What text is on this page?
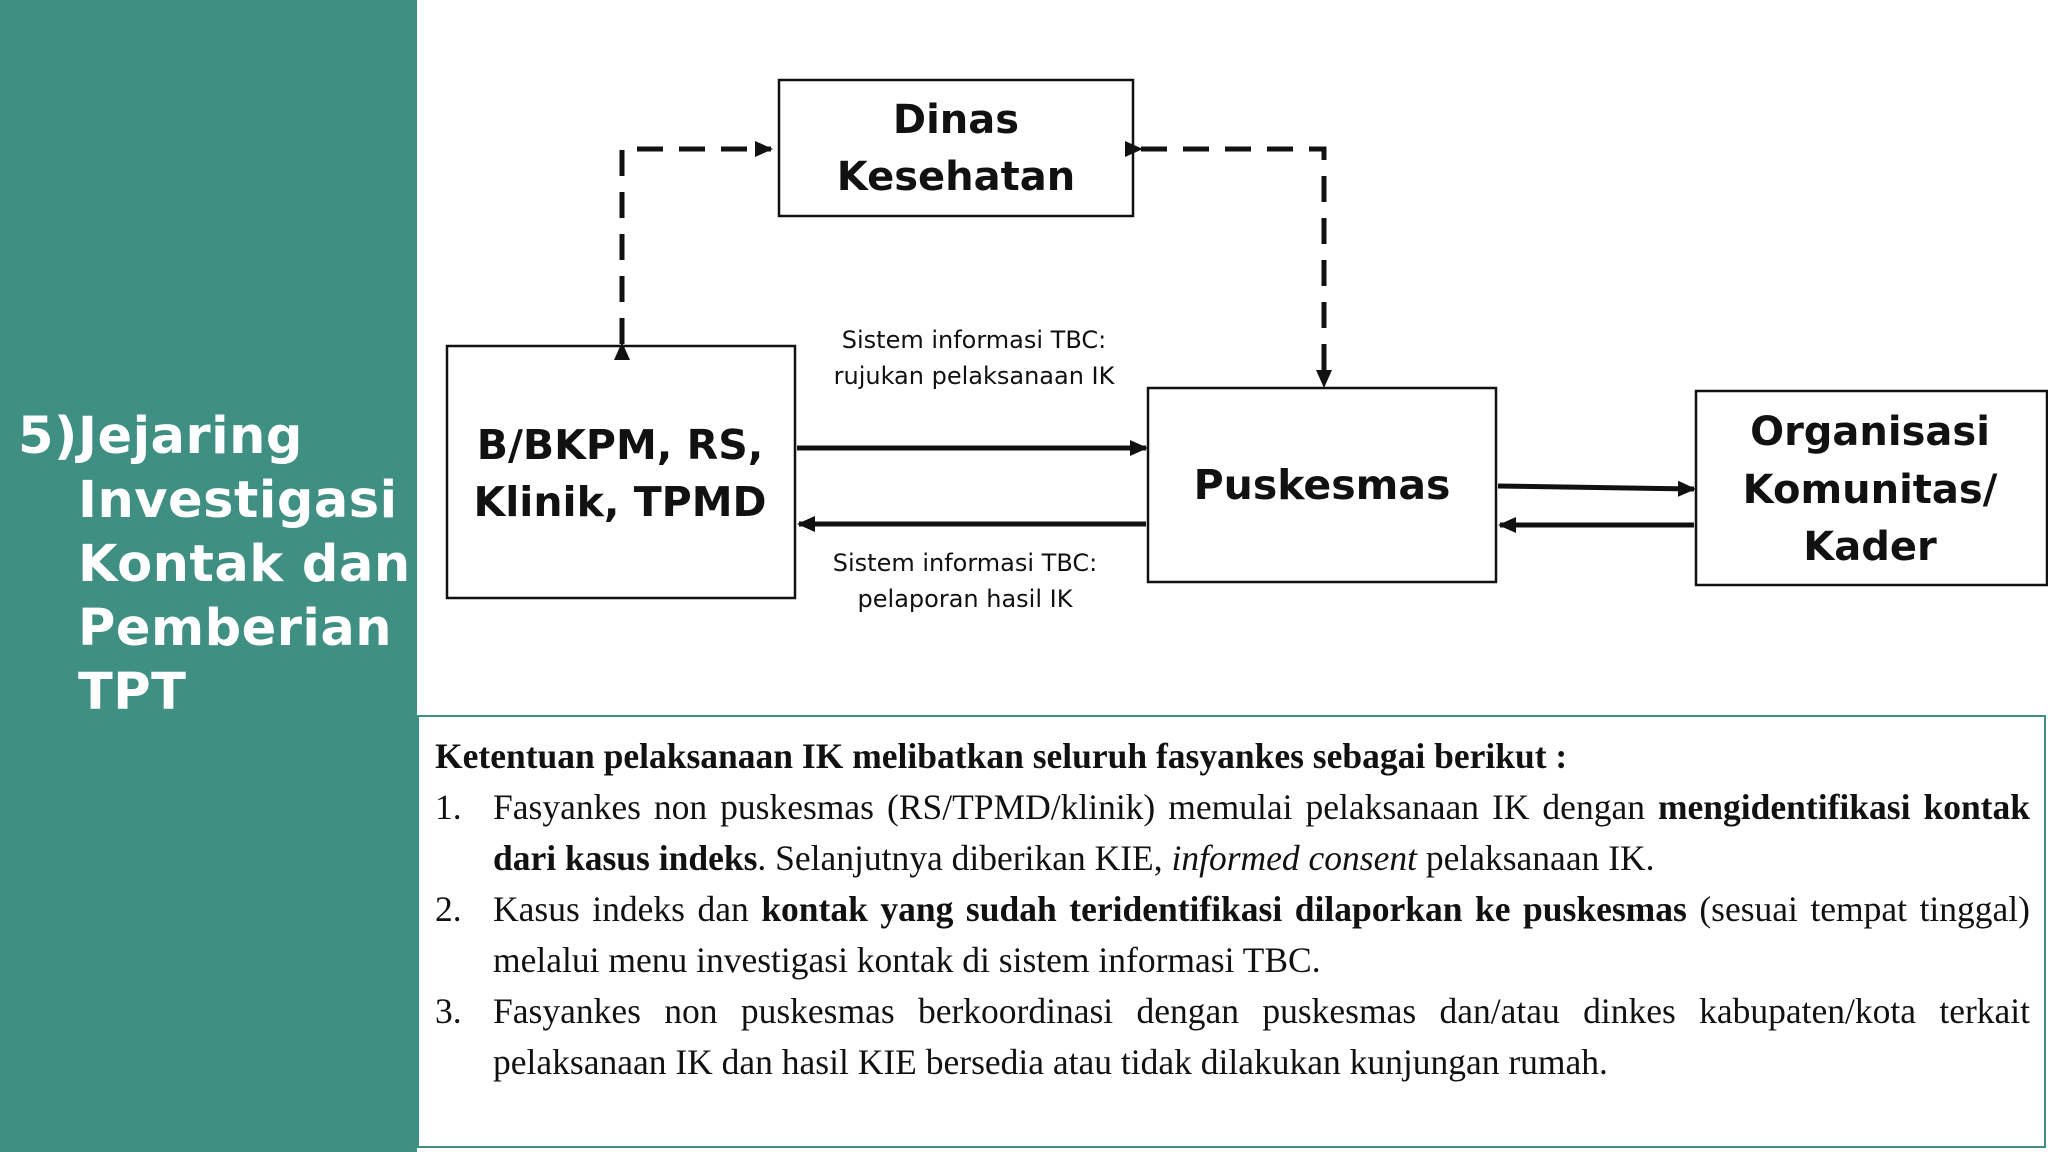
5)Jejaring
Investigasi
Kontak dan
Pemberian
TPT
Dinas
Kesehatan
B/BKPM, RS,
Klinik, TPMD	Puskesmas
Organisasi
Komunitas/
Kader
Sistem informasi TBC:
rujukan pelaksanaan IK
Sistem informasi TBC:
pelaporan hasil IK

Ketentuan pelaksanaan IK melibatkan seluruh fasyankes sebagai berikut :

1. Fasyankes non puskesmas (RS/TPMD/klinik) memulai pelaksanaan IK dengan mengidentifikasi kontak dari kasus indeks. Selanjutnya diberikan KIE, informed consent pelaksanaan IK.
2. Kasus indeks dan kontak yang sudah teridentifikasi dilaporkan ke puskesmas (sesuai tempat tinggal) melalui menu investigasi kontak di sistem informasi TBC.
3. Fasyankes non puskesmas berkoordinasi dengan puskesmas dan/atau dinkes kabupaten/kota terkait pelaksanaan IK dan hasil KIE bersedia atau tidak dilakukan kunjungan rumah.
